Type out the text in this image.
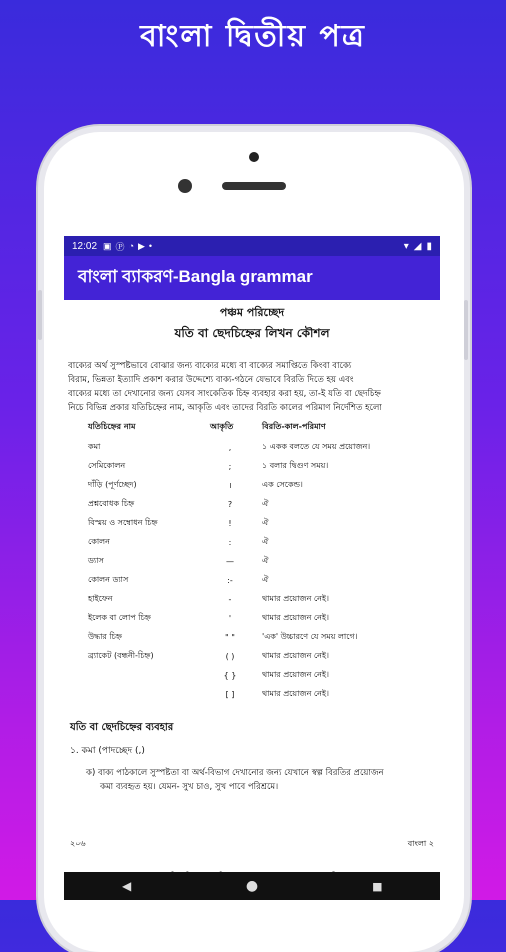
বাংলা দ্বিতীয় পত্র
12:02 ▣ Ⓟ ◔ ▶ •	▾ ◢ ▮
বাংলা ব্যাকরণ-Bangla grammar
পঞ্চম পরিচ্ছেদ
যতি বা ছেদচিহ্নের লিখন কৌশল
বাক্যের অর্থ সুস্পষ্টভাবে বোঝার জন্য বাক্যের মধ্যে বা বাক্যের সমাপ্তিতে কিংবা বাক্যে
বিরাম, ভিন্নতা ইত্যাদি প্রকাশ করার উদ্দেশ্যে বাক্য-গঠনে যেভাবে বিরতি দিতে হয় এবং
বাক্যের মধ্যে তা দেখানোর জন্য যেসব সাংকেতিক চিহ্ন ব্যবহার করা হয়, তা-ই যতি বা ছেদচিহ্ন
নিচে বিভিন্ন প্রকার যতিচিহ্নের নাম, আকৃতি এবং তাদের বিরতি কালের পরিমাণ নির্দেশিত হলো
যতিচিহ্নের নাম	আকৃতি	বিরতি-কাল-পরিমাণ
কমা	,	১ একক বলতে যে সময় প্রয়োজন।
সেমিকোলন	;	১ বলার দ্বিগুণ সময়।
দাঁড়ি (পূর্ণচ্ছেদ)	।	এক সেকেন্ড।
প্রশ্নবোধক চিহ্ন	?	ঐ
বিস্ময় ও সম্বোধন চিহ্ন	!	ঐ
কোলন	:	ঐ
ড্যাস	—	ঐ
কোলন ড্যাস	:-	ঐ
হাইফেন	-	থামার প্রয়োজন নেই।
ইলেক বা লোপ চিহ্ন	'	থামার প্রয়োজন নেই।
উদ্ধার চিহ্ন	" "	'এক' উচ্চারণে যে সময় লাগে।
ব্র্যাকেট (বন্ধনী-চিহ্ন)	( )	থামার প্রয়োজন নেই।
	{ }	থামার প্রয়োজন নেই।
	[ ]	থামার প্রয়োজন নেই।
যতি বা ছেদচিহ্নের ব্যবহার
১. কমা (পাদচ্ছেদ (,)
ক) বাক্য পাঠকালে সুস্পষ্টতা বা অর্থ-বিভাগ দেখানোর জন্য যেখানে স্বল্প বিরতির প্রয়োজন
কমা ব্যবহৃত হয়। যেমন- সুখ চাও, সুখ পাবে পরিশ্রমে।
২০৬	বাংলা ২
◀	●	■
